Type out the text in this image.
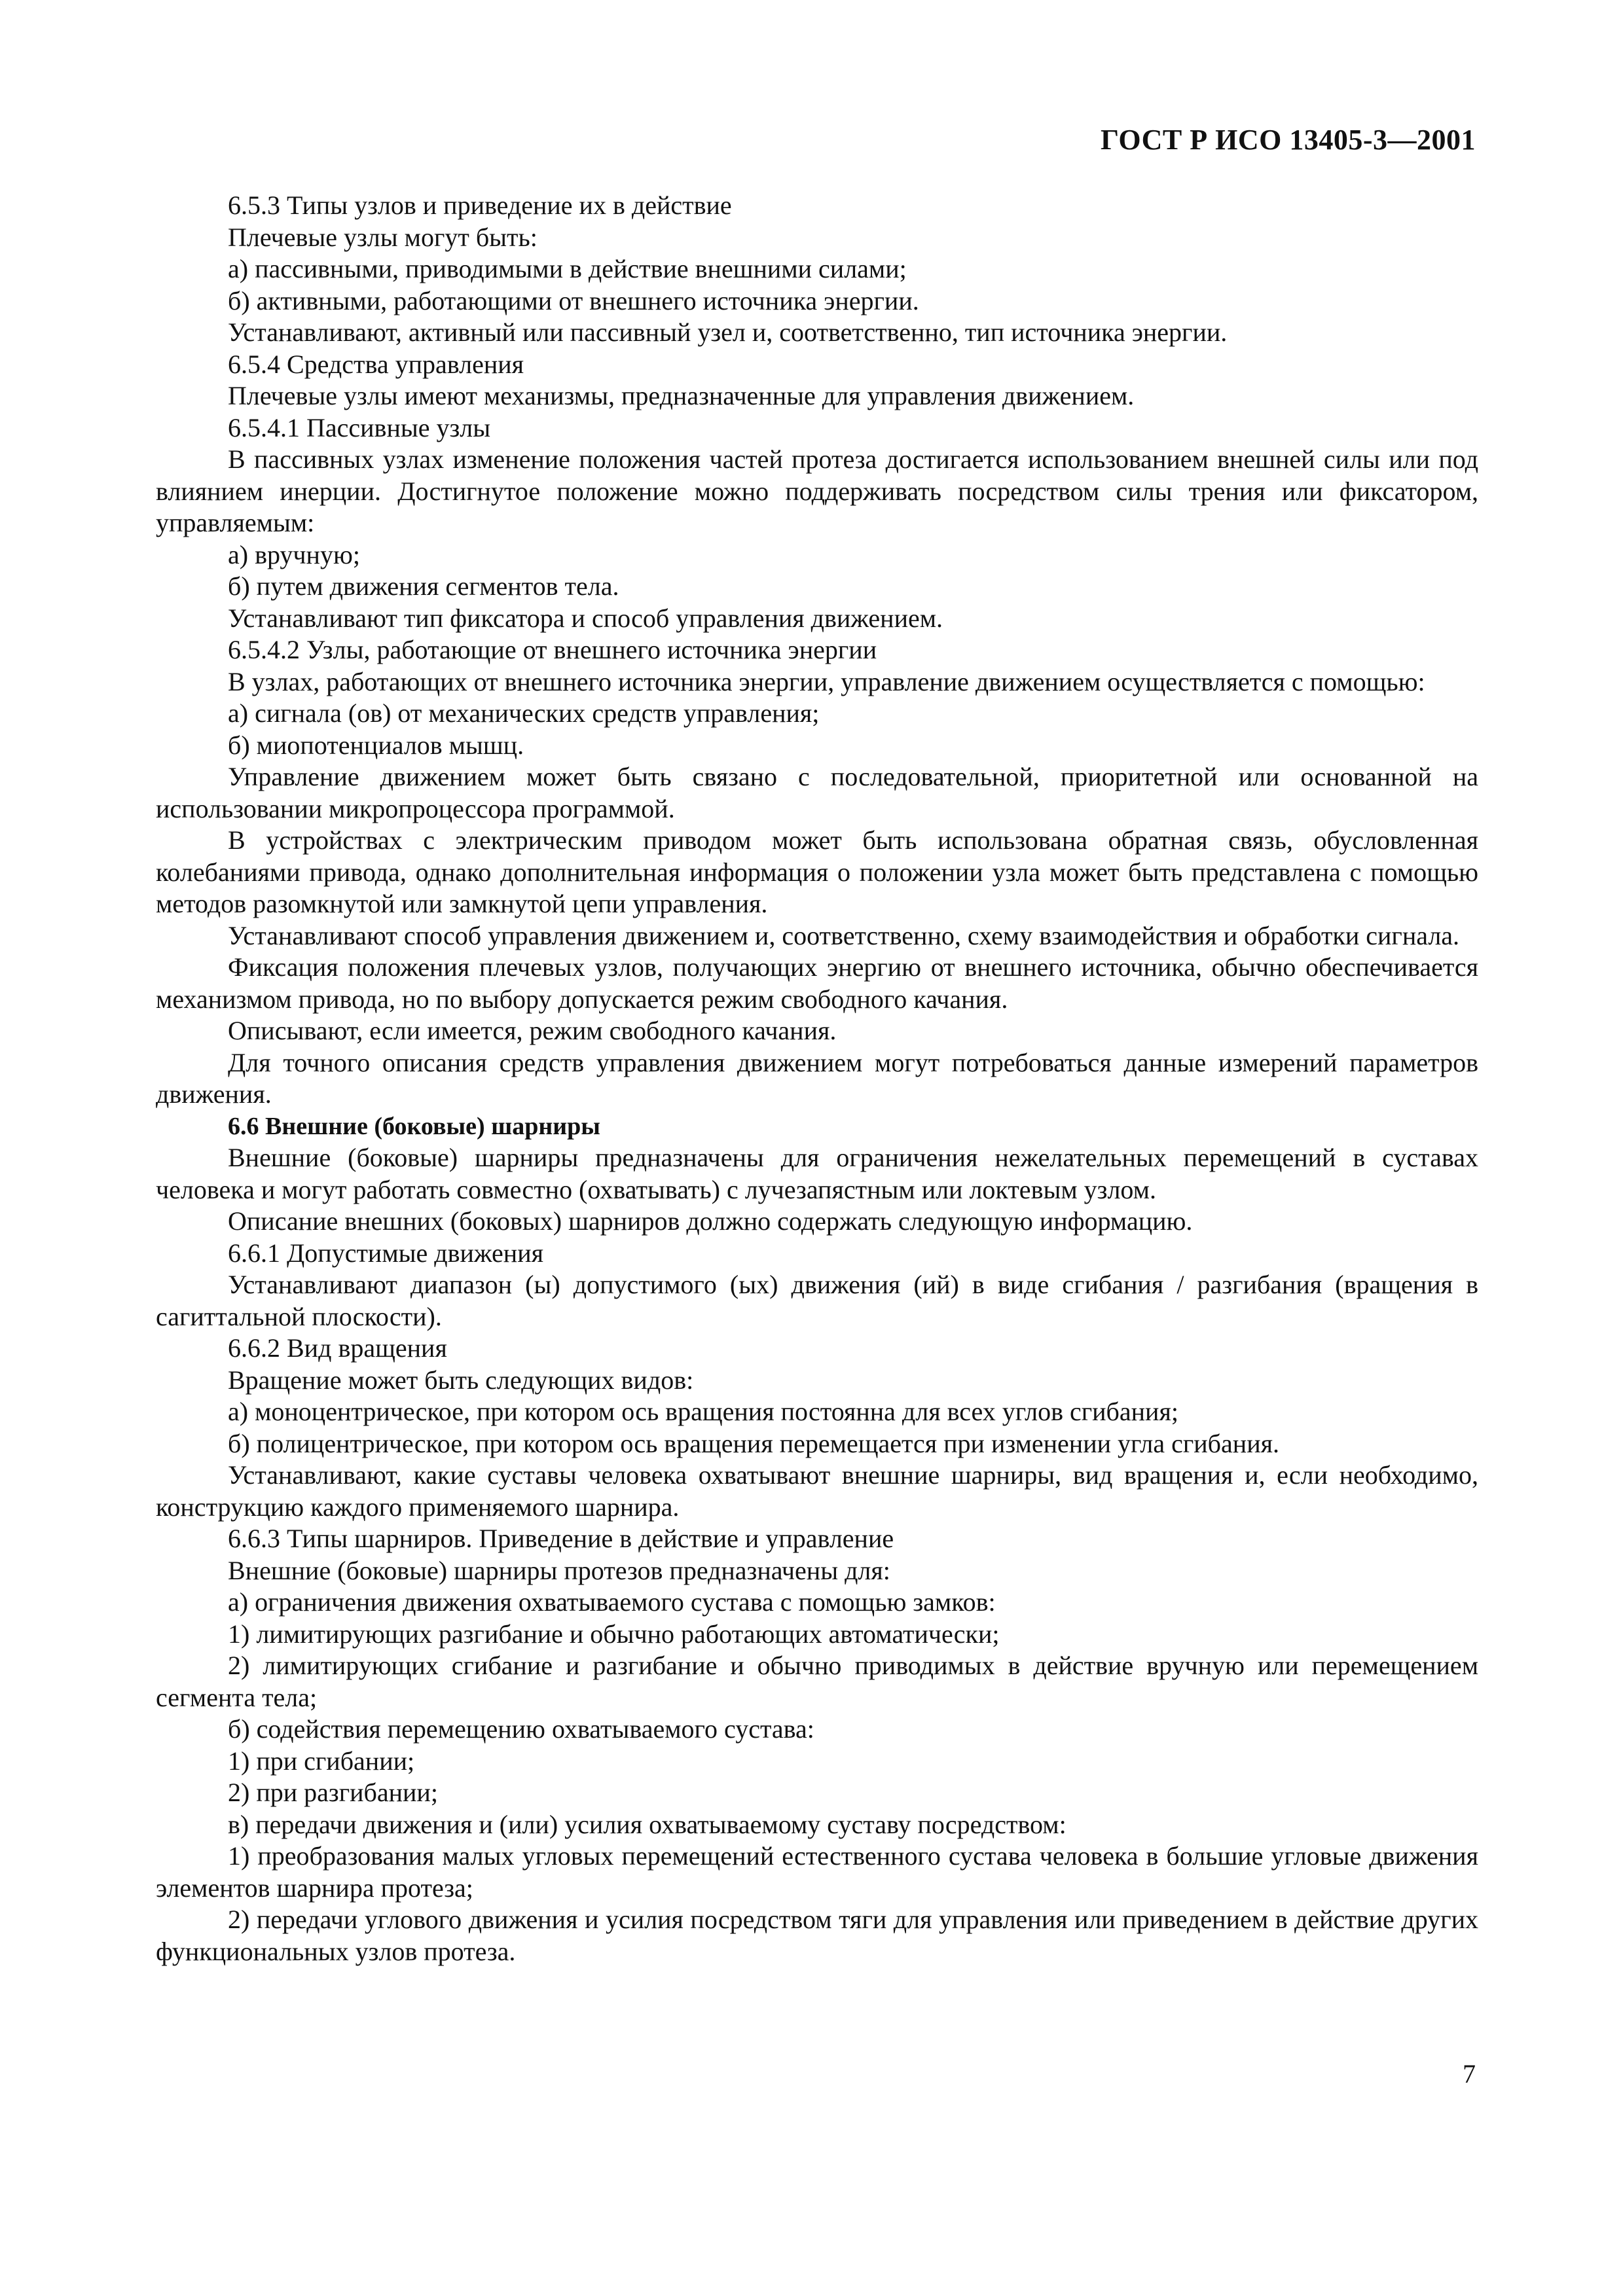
ГОСТ Р ИСО 13405-3—2001

6.5.3 Типы узлов и приведение их в действие

Плечевые узлы могут быть:

а) пассивными, приводимыми в действие внешними силами;

б) активными, работающими от внешнего источника энергии.

Устанавливают, активный или пассивный узел и, соответственно, тип источника энергии.

6.5.4 Средства управления

Плечевые узлы имеют механизмы, предназначенные для управления движением.

6.5.4.1 Пассивные узлы

В пассивных узлах изменение положения частей протеза достигается использованием внешней силы или под влиянием инерции. Достигнутое положение можно поддерживать посредством силы трения или фиксатором, управляемым:

а) вручную;

б) путем движения сегментов тела.

Устанавливают тип фиксатора и способ управления движением.

6.5.4.2 Узлы, работающие от внешнего источника энергии

В узлах, работающих от внешнего источника энергии, управление движением осуществляется с помощью:

а) сигнала (ов) от механических средств управления;

б) миопотенциалов мышц.

Управление движением может быть связано с последовательной, приоритетной или основанной на использовании микропроцессора программой.

В устройствах с электрическим приводом может быть использована обратная связь, обусловленная колебаниями привода, однако дополнительная информация о положении узла может быть представлена с помощью методов разомкнутой или замкнутой цепи управления.

Устанавливают способ управления движением и, соответственно, схему взаимодействия и обработки сигнала.

Фиксация положения плечевых узлов, получающих энергию от внешнего источника, обычно обеспечивается механизмом привода, но по выбору допускается режим свободного качания.

Описывают, если имеется, режим свободного качания.

Для точного описания средств управления движением могут потребоваться данные измерений параметров движения.

6.6 Внешние (боковые) шарниры

Внешние (боковые) шарниры предназначены для ограничения нежелательных перемещений в суставах человека и могут работать совместно (охватывать) с лучезапястным или локтевым узлом.

Описание внешних (боковых) шарниров должно содержать следующую информацию.

6.6.1 Допустимые движения

Устанавливают диапазон (ы) допустимого (ых) движения (ий) в виде сгибания / разгибания (вращения в сагиттальной плоскости).

6.6.2 Вид вращения

Вращение может быть следующих видов:

а) моноцентрическое, при котором ось вращения постоянна для всех углов сгибания;

б) полицентрическое, при котором ось вращения перемещается при изменении угла сгибания.

Устанавливают, какие суставы человека охватывают внешние шарниры, вид вращения и, если необходимо, конструкцию каждого применяемого шарнира.

6.6.3 Типы шарниров. Приведение в действие и управление

Внешние (боковые) шарниры протезов предназначены для:

а) ограничения движения охватываемого сустава с помощью замков:

1) лимитирующих разгибание и обычно работающих автоматически;

2) лимитирующих сгибание и разгибание и обычно приводимых в действие вручную или перемещением сегмента тела;

б) содействия перемещению охватываемого сустава:

1) при сгибании;

2) при разгибании;

в) передачи движения и (или) усилия охватываемому суставу посредством:

1) преобразования малых угловых перемещений естественного сустава человека в большие угловые движения элементов шарнира протеза;

2) передачи углового движения и усилия посредством тяги для управления или приведением в действие других функциональных узлов протеза.

7
